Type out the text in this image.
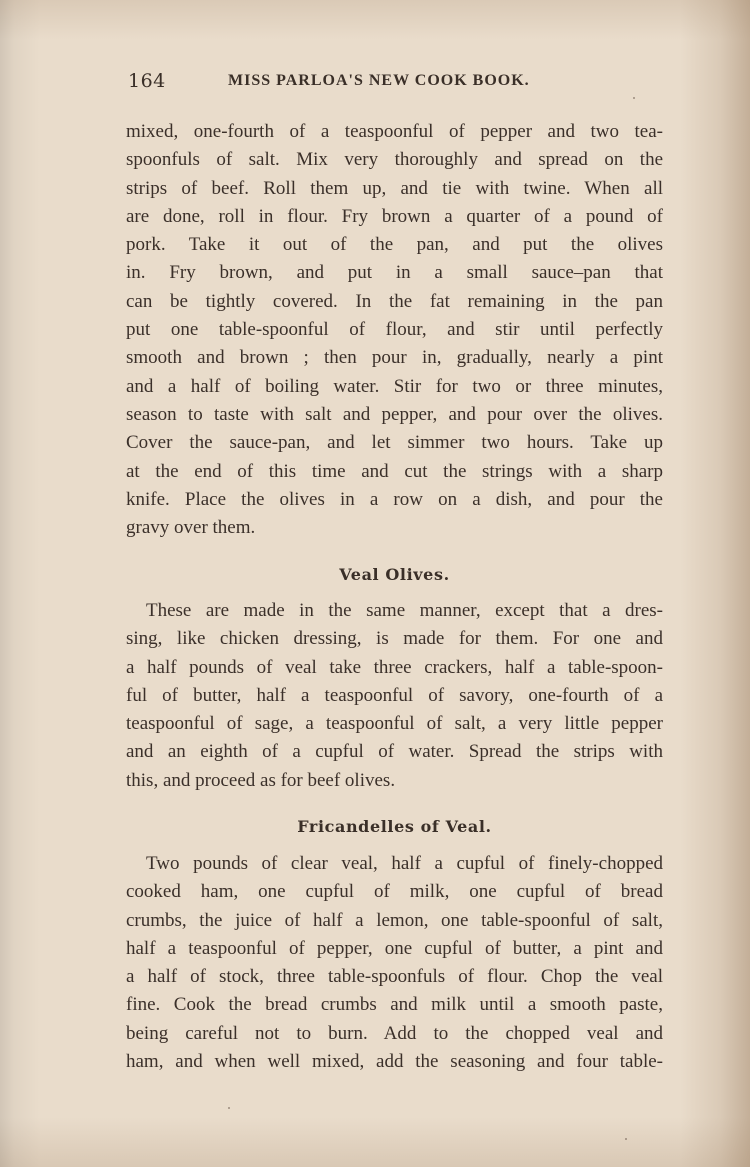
164	MISS PARLOA'S NEW COOK BOOK.
mixed, one-fourth of a teaspoonful of pepper and two tea-
spoonfuls of salt. Mix very thoroughly and spread on the
strips of beef. Roll them up, and tie with twine. When all
are done, roll in flour. Fry brown a quarter of a pound of
pork. Take it out of the pan, and put the olives
in. Fry brown, and put in a small sauce‒pan that
can be tightly covered. In the fat remaining in the pan
put one table-spoonful of flour, and stir until perfectly
smooth and brown ; then pour in, gradually, nearly a pint
and a half of boiling water. Stir for two or three minutes,
season to taste with salt and pepper, and pour over the olives.
Cover the sauce-pan, and let simmer two hours. Take up
at the end of this time and cut the strings with a sharp
knife. Place the olives in a row on a dish, and pour the
gravy over them.
Veal Olives.
These are made in the same manner, except that a dres-
sing, like chicken dressing, is made for them. For one and
a half pounds of veal take three crackers, half a table-spoon-
ful of butter, half a teaspoonful of savory, one-fourth of a
teaspoonful of sage, a teaspoonful of salt, a very little pepper
and an eighth of a cupful of water. Spread the strips with
this, and proceed as for beef olives.
Fricandelles of Veal.
Two pounds of clear veal, half a cupful of finely-chopped
cooked ham, one cupful of milk, one cupful of bread
crumbs, the juice of half a lemon, one table-spoonful of salt,
half a teaspoonful of pepper, one cupful of butter, a pint and
a half of stock, three table-spoonfuls of flour. Chop the veal
fine. Cook the bread crumbs and milk until a smooth paste,
being careful not to burn. Add to the chopped veal and
ham, and when well mixed, add the seasoning and four table-
